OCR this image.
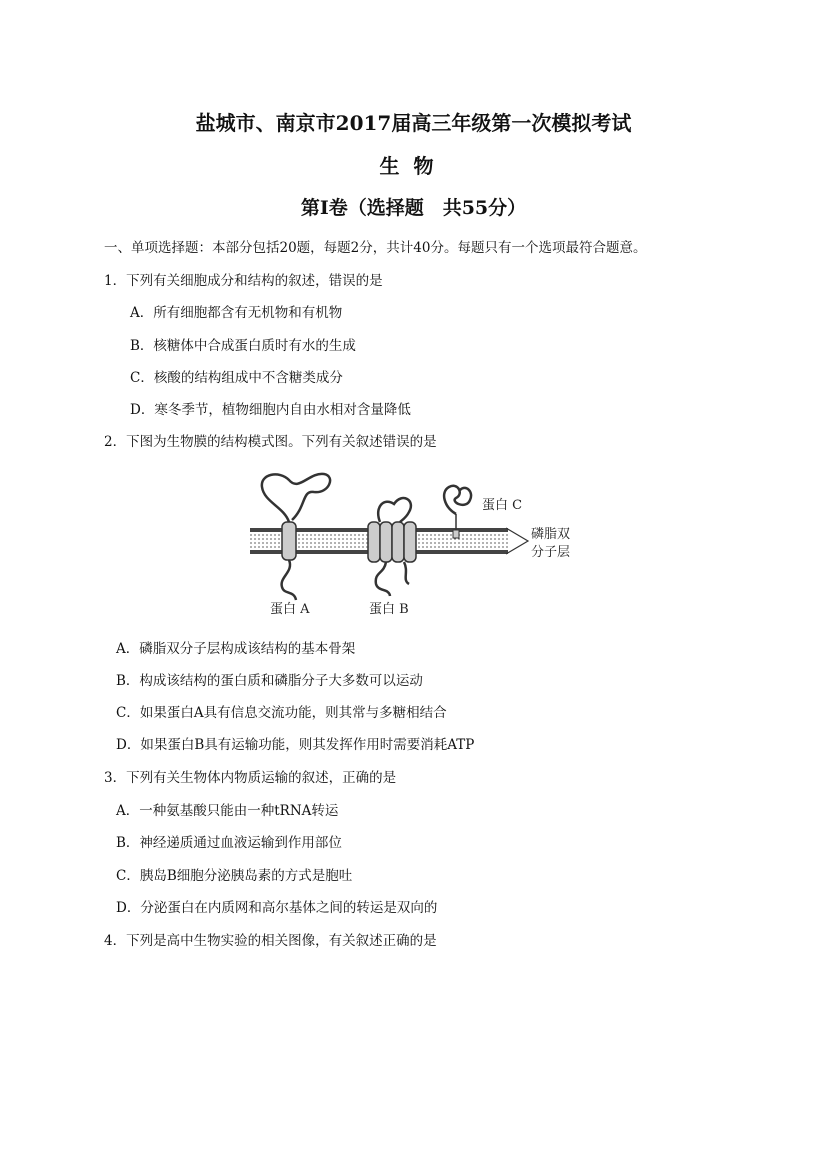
盐城市、南京市2017届高三年级第一次模拟考试
生物
第I卷（选择题　共55分）
一、单项选择题：本部分包括20题，每题2分，共计40分。每题只有一个选项最符合题意。
1．下列有关细胞成分和结构的叙述，错误的是
A．所有细胞都含有无机物和有机物
B．核糖体中合成蛋白质时有水的生成
C．核酸的结构组成中不含糖类成分
D．寒冬季节，植物细胞内自由水相对含量降低
2．下图为生物膜的结构模式图。下列有关叙述错误的是
蛋白 C
磷脂双
分子层
蛋白 A	蛋白 B
A．磷脂双分子层构成该结构的基本骨架
B．构成该结构的蛋白质和磷脂分子大多数可以运动
C．如果蛋白A具有信息交流功能，则其常与多糖相结合
D．如果蛋白B具有运输功能，则其发挥作用时需要消耗ATP
3．下列有关生物体内物质运输的叙述，正确的是
A．一种氨基酸只能由一种tRNA转运
B．神经递质通过血液运输到作用部位
C．胰岛B细胞分泌胰岛素的方式是胞吐
D．分泌蛋白在内质网和高尔基体之间的转运是双向的
4．下列是高中生物实验的相关图像，有关叙述正确的是
